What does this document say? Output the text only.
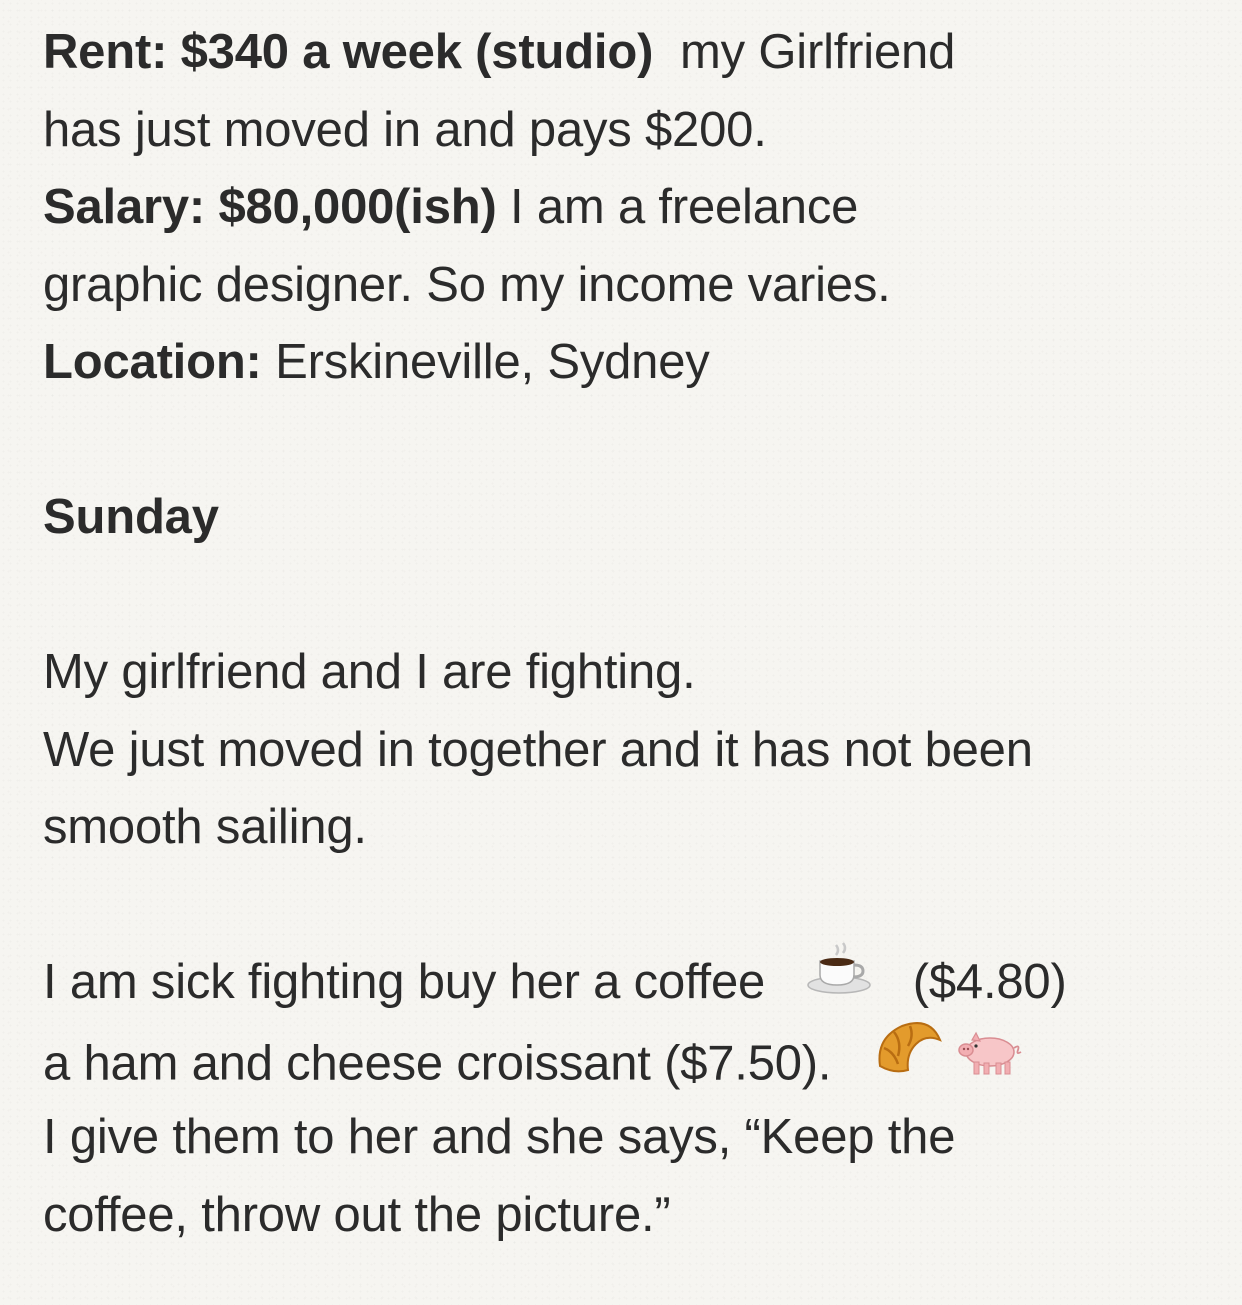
Rent: $340 a week (studio) my Girlfriend
has just moved in and pays $200.
Salary: $80,000(ish) I am a freelance
graphic designer. So my income varies.
Location: Erskineville, Sydney
Sunday
My girlfriend and I are fighting.
We just moved in together and it has not been
smooth sailing.
I am sick fighting buy her a coffee	($4.80)
a ham and cheese croissant ($7.50).
I give them to her and she says, “Keep the
coffee, throw out the picture.”
